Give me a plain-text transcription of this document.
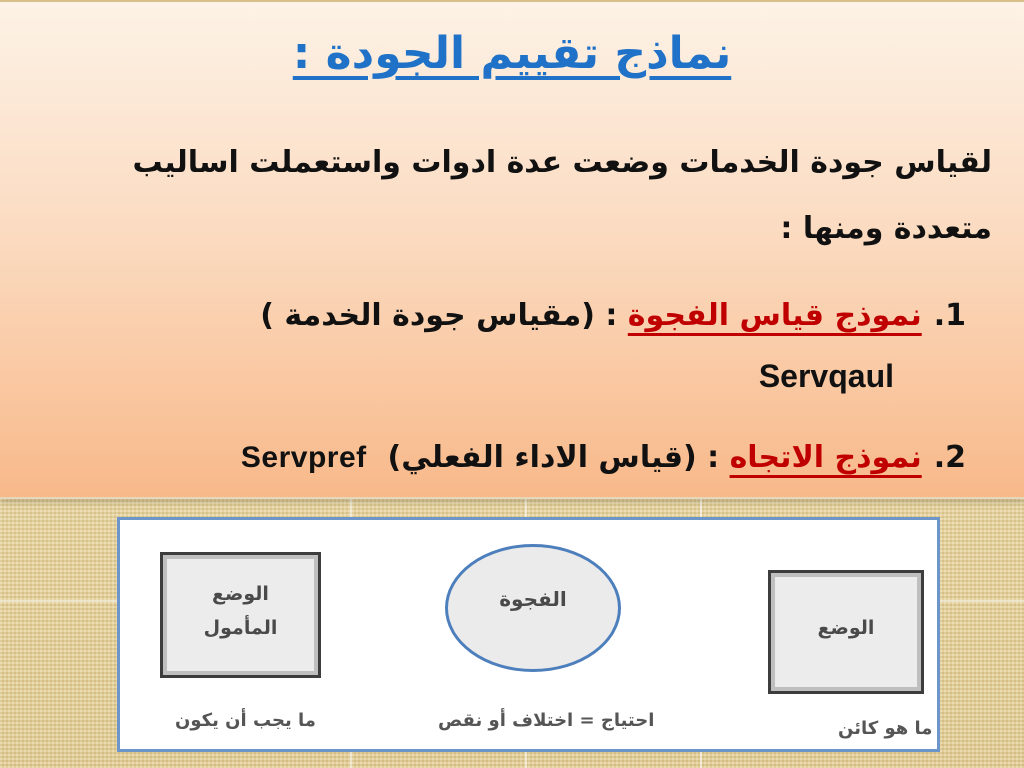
نماذج تقييم الجودة :
لقياس جودة الخدمات وضعت عدة ادوات واستعملت اساليب
متعددة ومنها :
1.نموذج قياس الفجوة : (مقياس جودة الخدمة )
Servqaul
2.نموذج الاتجاه : (قياس الاداء الفعلي)  Servpref
الوضع
المأمول
الفجوة
الوضع
ما يجب أن يكون	احتياج = اختلاف أو نقص	ما هو كائن
